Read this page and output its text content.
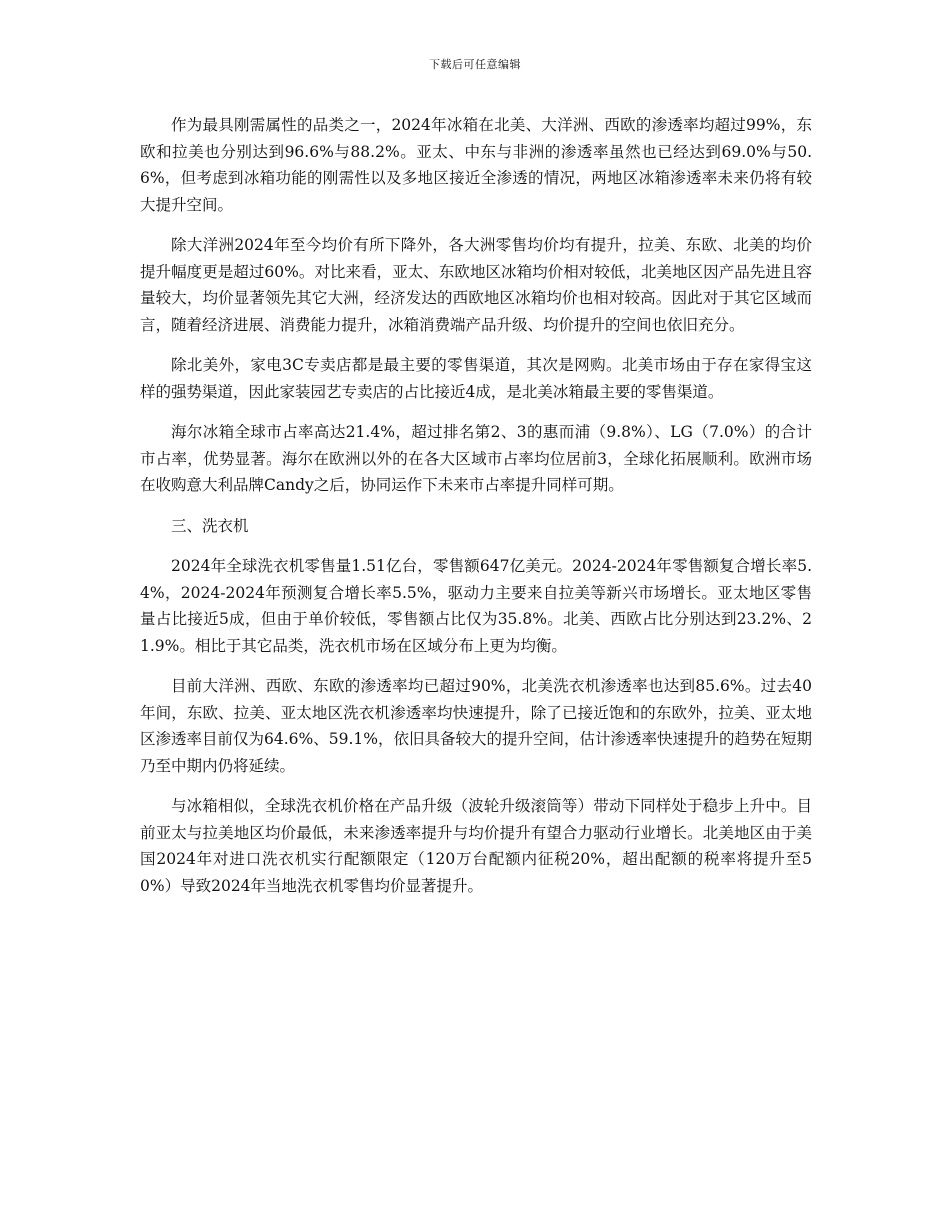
下载后可任意编辑

作为最具刚需属性的品类之一，2024年冰箱在北美、大洋洲、西欧的渗透率均超过99%，东欧和拉美也分别达到96.6%与88.2%。亚太、中东与非洲的渗透率虽然也已经达到69.0%与50.6%，但考虑到冰箱功能的刚需性以及多地区接近全渗透的情况，两地区冰箱渗透率未来仍将有较大提升空间。

除大洋洲2024年至今均价有所下降外，各大洲零售均价均有提升，拉美、东欧、北美的均价提升幅度更是超过60%。对比来看，亚太、东欧地区冰箱均价相对较低，北美地区因产品先进且容量较大，均价显著领先其它大洲，经济发达的西欧地区冰箱均价也相对较高。因此对于其它区域而言，随着经济进展、消费能力提升，冰箱消费端产品升级、均价提升的空间也依旧充分。

除北美外，家电3C专卖店都是最主要的零售渠道，其次是网购。北美市场由于存在家得宝这样的强势渠道，因此家装园艺专卖店的占比接近4成，是北美冰箱最主要的零售渠道。

海尔冰箱全球市占率高达21.4%，超过排名第2、3的惠而浦（9.8%）、LG（7.0%）的合计市占率，优势显著。海尔在欧洲以外的在各大区域市占率均位居前3，全球化拓展顺利。欧洲市场在收购意大利品牌Candy之后，协同运作下未来市占率提升同样可期。

三、洗衣机

2024年全球洗衣机零售量1.51亿台，零售额647亿美元。2024-2024年零售额复合增长率5.4%，2024-2024年预测复合增长率5.5%，驱动力主要来自拉美等新兴市场增长。亚太地区零售量占比接近5成，但由于单价较低，零售额占比仅为35.8%。北美、西欧占比分别达到23.2%、21.9%。相比于其它品类，洗衣机市场在区域分布上更为均衡。

目前大洋洲、西欧、东欧的渗透率均已超过90%，北美洗衣机渗透率也达到85.6%。过去40年间，东欧、拉美、亚太地区洗衣机渗透率均快速提升，除了已接近饱和的东欧外，拉美、亚太地区渗透率目前仅为64.6%、59.1%，依旧具备较大的提升空间，估计渗透率快速提升的趋势在短期乃至中期内仍将延续。

与冰箱相似，全球洗衣机价格在产品升级（波轮升级滚筒等）带动下同样处于稳步上升中。目前亚太与拉美地区均价最低，未来渗透率提升与均价提升有望合力驱动行业增长。北美地区由于美国2024年对进口洗衣机实行配额限定（120万台配额内征税20%，超出配额的税率将提升至50%）导致2024年当地洗衣机零售均价显著提升。
